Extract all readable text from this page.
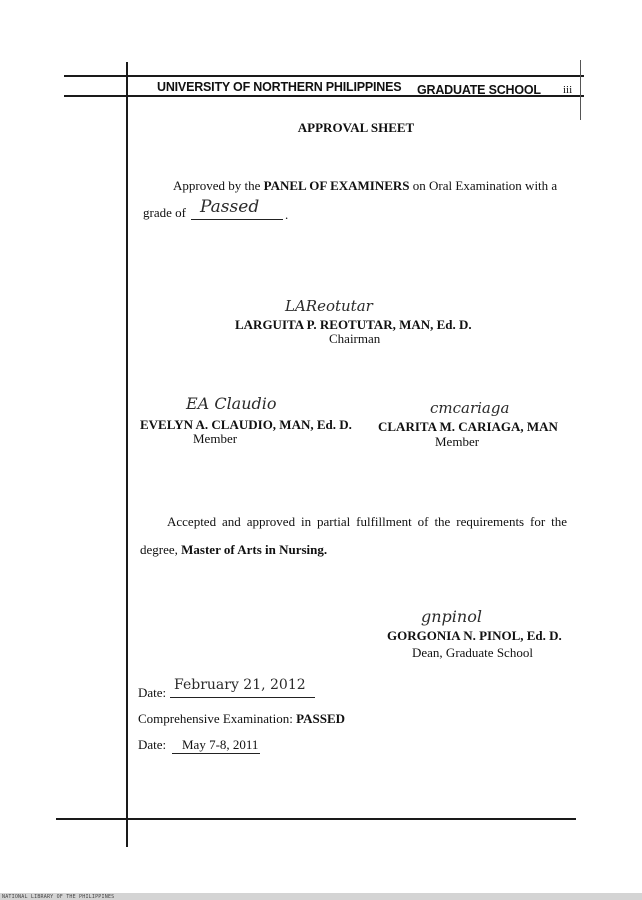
UNIVERSITY OF NORTHERN PHILIPPINES GRADUATE SCHOOL iii
APPROVAL SHEET
Approved by the PANEL OF EXAMINERS on Oral Examination with a
grade of Passed .
LAReotutar
LARGUITA P. REOTUTAR, MAN, Ed. D.
Chairman
EA Claudio
EVELYN A. CLAUDIO, MAN, Ed. D.
Member
cmcariaga
CLARITA M. CARIAGA, MAN
Member
Accepted and approved in partial fulfillment of the requirements for the
degree, Master of Arts in Nursing.
gnpinol
GORGONIA N. PINOL, Ed. D.
Dean, Graduate School
Date: February 21, 2012
Comprehensive Examination: PASSED
Date:	May 7-8, 2011
NATIONAL LIBRARY OF THE PHILIPPINES
